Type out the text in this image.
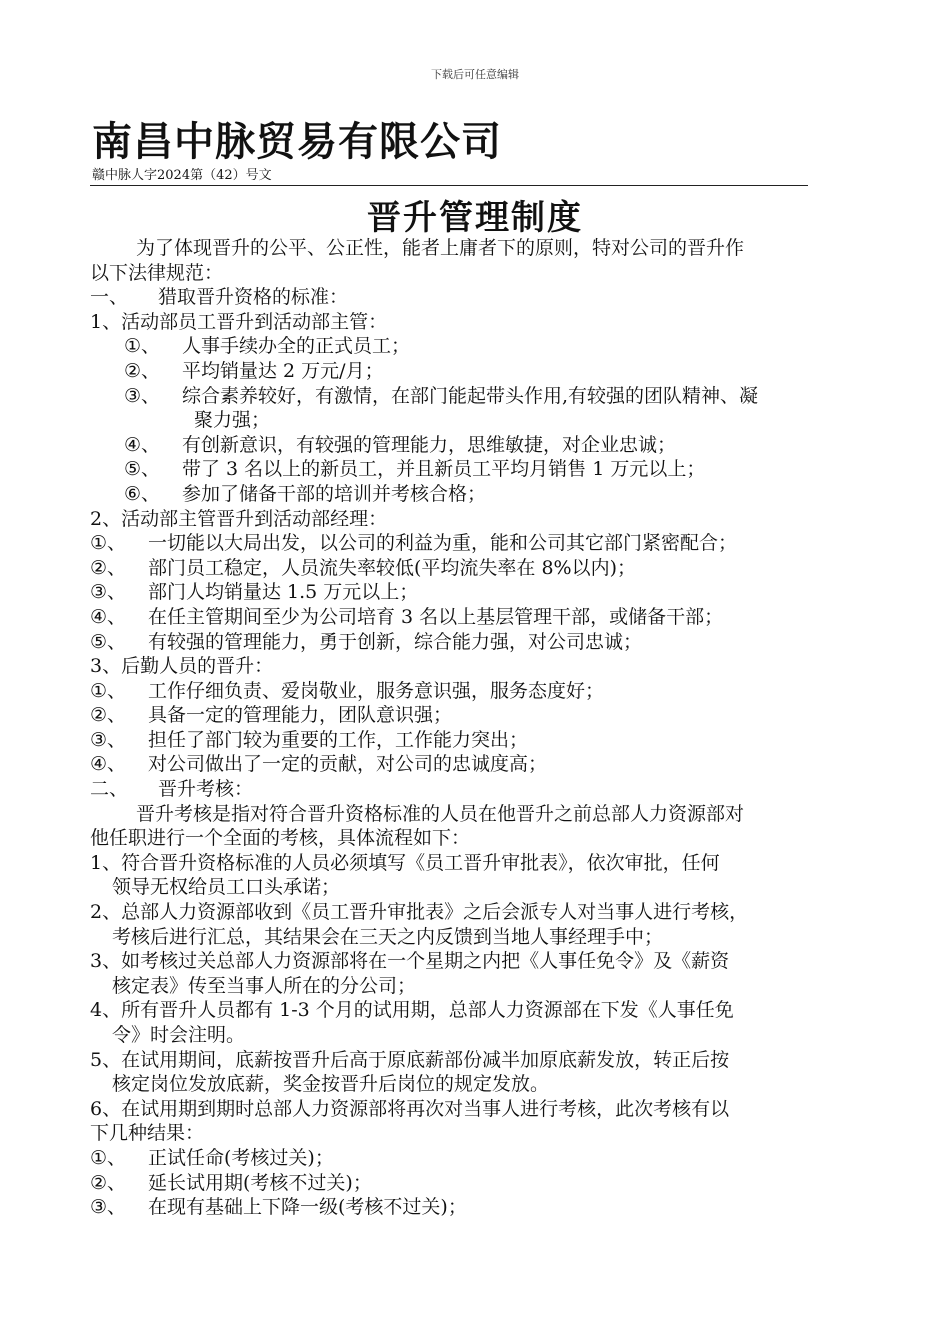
下载后可任意编辑
南昌中脉贸易有限公司
赣中脉人字2024第（42）号文
晋升管理制度

为了体现晋升的公平、公正性，能者上庸者下的原则，特对公司的晋升作

以下法律规范：

一、 猎取晋升资格的标准：

1、活动部员工晋升到活动部主管：

①、 人事手续办全的正式员工；

②、 平均销量达 2 万元/月；

③、 综合素养较好，有激情，在部门能起带头作用,有较强的团队精神、凝

聚力强；

④、 有创新意识，有较强的管理能力，思维敏捷，对企业忠诚；

⑤、 带了 3 名以上的新员工，并且新员工平均月销售 1 万元以上；

⑥、 参加了储备干部的培训并考核合格；

2、活动部主管晋升到活动部经理：

①、 一切能以大局出发，以公司的利益为重，能和公司其它部门紧密配合；

②、 部门员工稳定，人员流失率较低(平均流失率在 8%以内)；

③、 部门人均销量达 1.5 万元以上；

④、 在任主管期间至少为公司培育 3 名以上基层管理干部，或储备干部；

⑤、 有较强的管理能力，勇于创新，综合能力强，对公司忠诚；

3、后勤人员的晋升：

①、 工作仔细负责、爱岗敬业，服务意识强，服务态度好；

②、 具备一定的管理能力，团队意识强；

③、 担任了部门较为重要的工作，工作能力突出；

④、 对公司做出了一定的贡献，对公司的忠诚度高；

二、 晋升考核：

晋升考核是指对符合晋升资格标准的人员在他晋升之前总部人力资源部对

他任职进行一个全面的考核，具体流程如下：

1、符合晋升资格标准的人员必须填写《员工晋升审批表》，依次审批，任何

领导无权给员工口头承诺；

2、总部人力资源部收到《员工晋升审批表》之后会派专人对当事人进行考核，

考核后进行汇总，其结果会在三天之内反馈到当地人事经理手中；

3、如考核过关总部人力资源部将在一个星期之内把《人事任免令》及《薪资

核定表》传至当事人所在的分公司；

4、所有晋升人员都有 1-3 个月的试用期，总部人力资源部在下发《人事任免

令》时会注明。

5、在试用期间，底薪按晋升后高于原底薪部份减半加原底薪发放，转正后按

核定岗位发放底薪，奖金按晋升后岗位的规定发放。

6、在试用期到期时总部人力资源部将再次对当事人进行考核，此次考核有以

下几种结果：

①、 正试任命(考核过关)；

②、 延长试用期(考核不过关)；

③、 在现有基础上下降一级(考核不过关)；
